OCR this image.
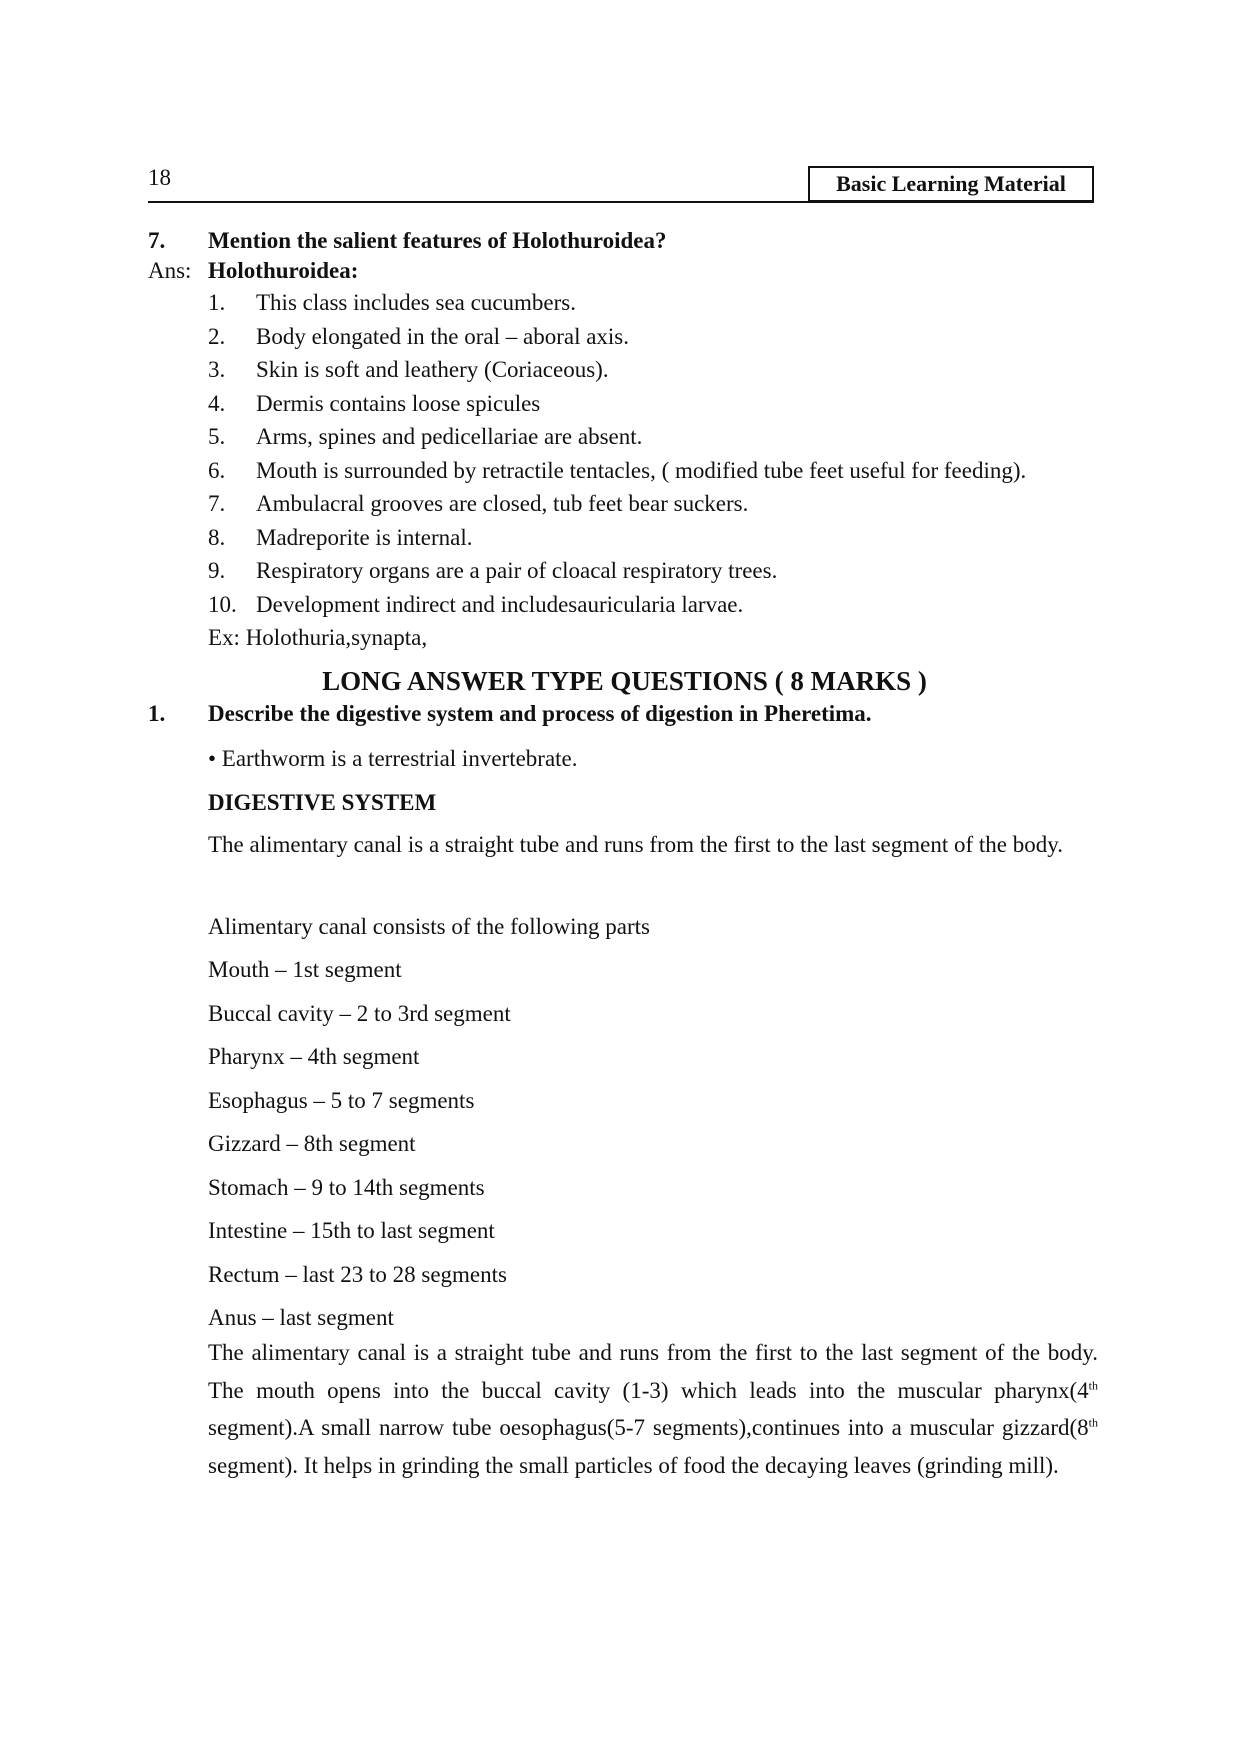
18	Basic Learning Material
7.	Mention the salient features of Holothuroidea?
Ans: Holothuroidea:
1.	This class includes sea cucumbers.
2.	Body elongated in the oral – aboral axis.
3.	Skin is soft and leathery (Coriaceous).
4.	Dermis contains loose spicules
5.	Arms, spines and pedicellariae are absent.
6.	Mouth is surrounded by retractile tentacles, ( modified tube feet useful for feeding).
7.	Ambulacral grooves are closed, tub feet bear suckers.
8.	Madreporite is internal.
9.	Respiratory organs are a pair of cloacal respiratory trees.
10. Development indirect and includesauricularia larvae.
Ex: Holothuria,synapta,
LONG ANSWER TYPE QUESTIONS ( 8 MARKS )
1.	Describe the digestive system and process of digestion in Pheretima.
• Earthworm is a terrestrial invertebrate.
DIGESTIVE SYSTEM
The alimentary canal is a straight tube and runs from the first to the last segment of the body.
Alimentary canal consists of the following parts
Mouth – 1st segment
Buccal cavity – 2 to 3rd segment
Pharynx – 4th segment
Esophagus – 5 to 7 segments
Gizzard – 8th segment
Stomach – 9 to 14th segments
Intestine – 15th to last segment
Rectum – last 23 to 28 segments
Anus – last segment

The alimentary canal is a straight tube and runs from the first to the last segment of the body. The mouth opens into the buccal cavity (1-3) which leads into the muscular pharynx(4th segment).A small narrow tube oesophagus(5-7 segments),continues into a muscular gizzard(8th segment). It helps in grinding the small particles of food the decaying leaves (grinding mill).
